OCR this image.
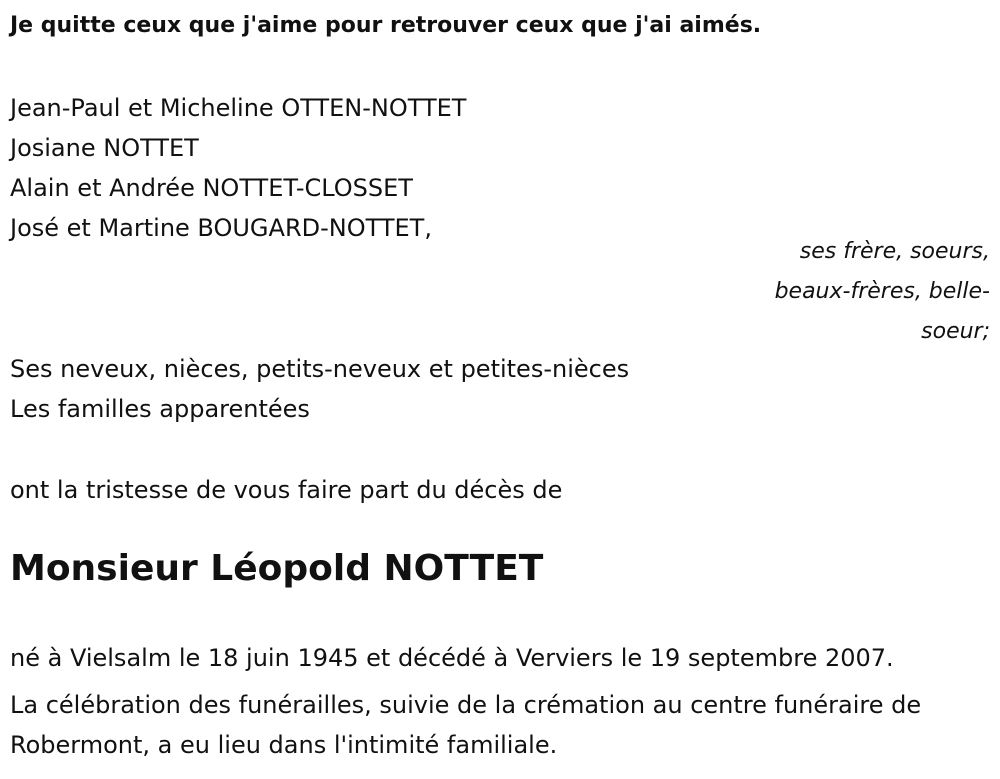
Je quitte ceux que j'aime pour retrouver ceux que j'ai aimés.

Jean-Paul et Micheline OTTEN-NOTTET
Josiane NOTTET
Alain et Andrée NOTTET-CLOSSET
José et Martine BOUGARD-NOTTET,
ses frère, soeurs,
beaux-frères, belle-
soeur;
Ses neveux, nièces, petits-neveux et petites-nièces
Les familles apparentées

ont la tristesse de vous faire part du décès de

Monsieur Léopold NOTTET

né à Vielsalm le 18 juin 1945 et décédé à Verviers le 19 septembre 2007.

La célébration des funérailles, suivie de la crémation au centre funéraire de Robermont, a eu lieu dans l'intimité familiale.
